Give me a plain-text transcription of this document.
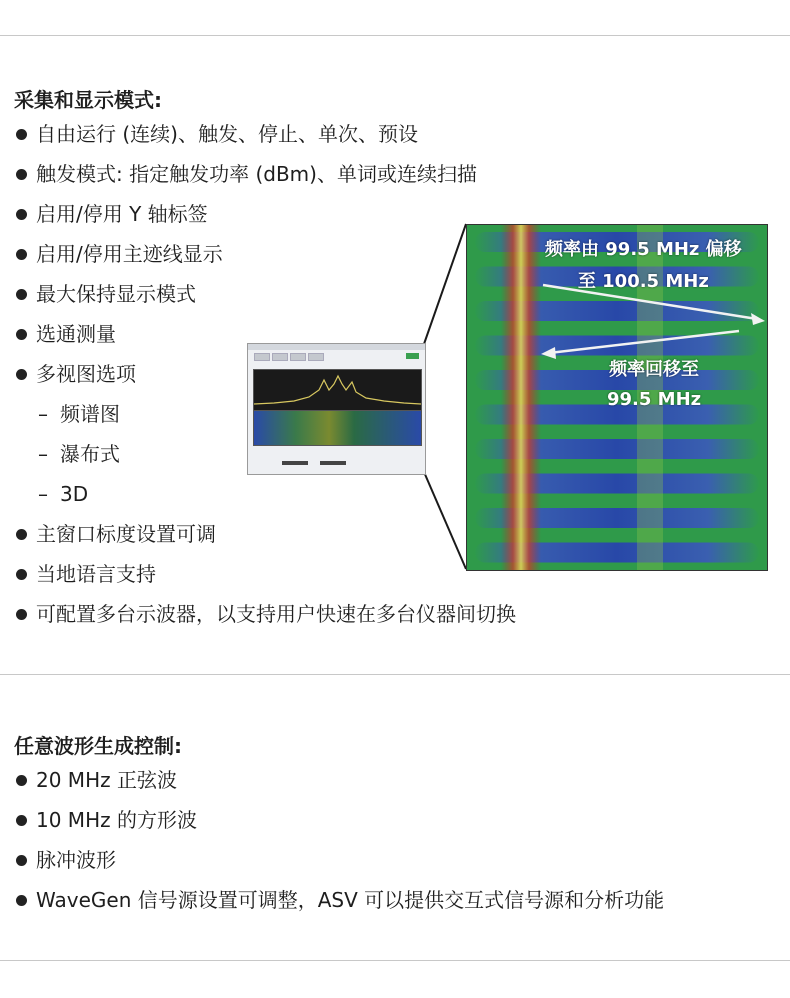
采集和显示模式:
自由运行 (连续)、触发、停止、单次、预设
触发模式: 指定触发功率 (dBm)、单词或连续扫描
启用/停用 Y 轴标签
启用/停用主迹线显示
最大保持显示模式
选通测量
多视图选项
– 频谱图
– 瀑布式
– 3D
主窗口标度设置可调
当地语言支持
可配置多台示波器，以支持用户快速在多台仪器间切换
频率由 99.5 MHz 偏移
至 100.5 MHz
频率回移至
99.5 MHz
任意波形生成控制:
20 MHz 正弦波
10 MHz 的方形波
脉冲波形
WaveGen 信号源设置可调整，ASV 可以提供交互式信号源和分析功能
